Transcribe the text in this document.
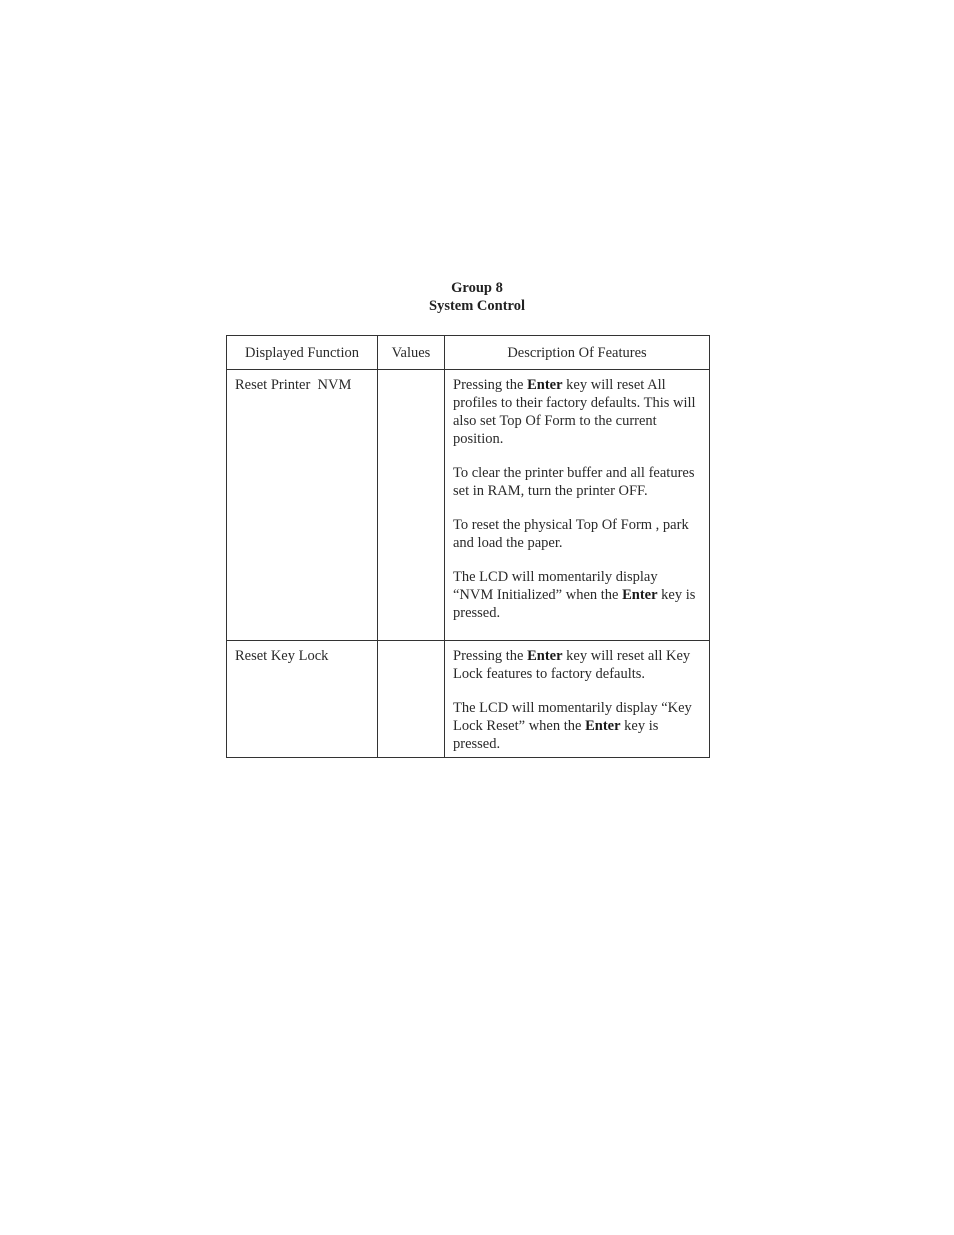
Group 8
System Control
Displayed Function	Values	Description Of Features
Reset Printer  NVM		Pressing the Enter key will reset All profiles to their factory defaults. This will also set Top Of Form to the current position.

To clear the printer buffer and all features set in RAM, turn the printer OFF.

To reset the physical Top Of Form , park and load the paper.

The LCD will momentarily display “NVM Initialized” when the Enter key is pressed.

Reset Key Lock		Pressing the Enter key will reset all Key Lock features to factory defaults.

The LCD will momentarily display “Key Lock Reset” when the Enter key is pressed.
